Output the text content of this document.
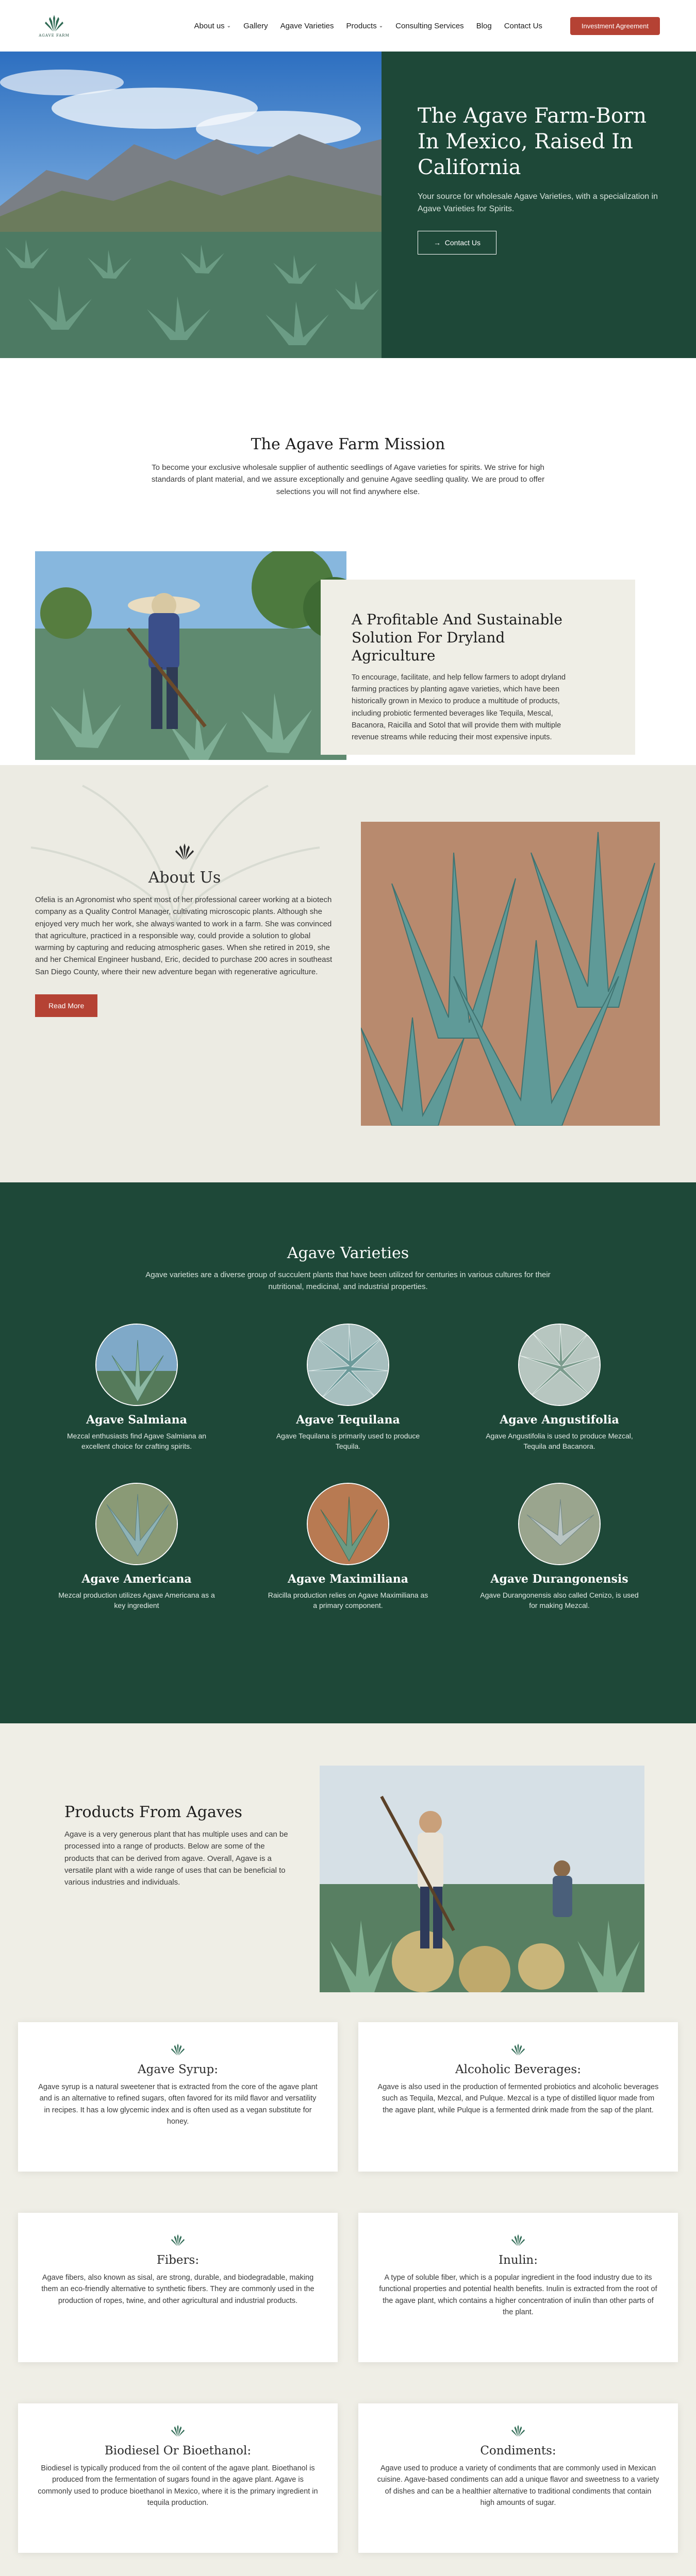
AGAVE FARM
About us ⌄ Gallery Agave Varieties Products ⌄ Consulting Services Blog Contact Us	Investment Agreement
The Agave Farm-Born In Mexico, Raised In California

Your source for wholesale Agave Varieties, with a specialization in Agave Varieties for Spirits.

→ Contact Us
The Agave Farm Mission

To become your exclusive wholesale supplier of authentic seedlings of Agave varieties for spirits. We strive for high standards of plant material, and we assure exceptionally and genuine Agave seedling quality. We are proud to offer selections you will not find anywhere else.

A Profitable And Sustainable Solution For Dryland Agriculture

To encourage, facilitate, and help fellow farmers to adopt dryland farming practices by planting agave varieties, which have been historically grown in Mexico to produce a multitude of products, including probiotic fermented beverages like Tequila, Mescal, Bacanora, Raicilla and Sotol that will provide them with multiple revenue streams while reducing their most expensive inputs.

About Us

Ofelia is an Agronomist who spent most of her professional career working at a biotech company as a Quality Control Manager, cultivating microscopic plants. Although she enjoyed very much her work, she always wanted to work in a farm. She was convinced that agriculture, practiced in a responsible way, could provide a solution to global warming by capturing and reducing atmospheric gases. When she retired in 2019, she and her Chemical Engineer husband, Eric, decided to purchase 200 acres in southeast San Diego County, where their new adventure began with regenerative agriculture.

Read More
Agave Varieties

Agave varieties are a diverse group of succulent plants that have been utilized for centuries in various cultures for their nutritional, medicinal, and industrial properties.

Agave Salmiana

Mezcal enthusiasts find Agave Salmiana an excellent choice for crafting spirits.

Agave Tequilana

Agave Tequilana is primarily used to produce Tequila.

Agave Angustifolia

Agave Angustifolia is used to produce Mezcal, Tequila and Bacanora.

Agave Americana

Mezcal production utilizes Agave Americana as a key ingredient

Agave Maximiliana

Raicilla production relies on Agave Maximiliana as a primary component.

Agave Durangonensis

Agave Durangonensis also called Cenizo, is used for making Mezcal.

Products From Agaves

Agave is a very generous plant that has multiple uses and can be processed into a range of products. Below are some of the products that can be derived from agave. Overall, Agave is a versatile plant with a wide range of uses that can be beneficial to various industries and individuals.

Agave Syrup:

Agave syrup is a natural sweetener that is extracted from the core of the agave plant and is an alternative to refined sugars, often favored for its mild flavor and versatility in recipes. It has a low glycemic index and is often used as a vegan substitute for honey.

Alcoholic Beverages:

Agave is also used in the production of fermented probiotics and alcoholic beverages such as Tequila, Mezcal, and Pulque. Mezcal is a type of distilled liquor made from the agave plant, while Pulque is a fermented drink made from the sap of the plant.

Fibers:

Agave fibers, also known as sisal, are strong, durable, and biodegradable, making them an eco-friendly alternative to synthetic fibers. They are commonly used in the production of ropes, twine, and other agricultural and industrial products.

Inulin:

A type of soluble fiber, which is a popular ingredient in the food industry due to its functional properties and potential health benefits. Inulin is extracted from the root of the agave plant, which contains a higher concentration of inulin than other parts of the plant.

Biodiesel Or Bioethanol:

Biodiesel is typically produced from the oil content of the agave plant. Bioethanol is produced from the fermentation of sugars found in the agave plant. Agave is commonly used to produce bioethanol in Mexico, where it is the primary ingredient in tequila production.

Condiments:

Agave used to produce a variety of condiments that are commonly used in Mexican cuisine. Agave-based condiments can add a unique flavor and sweetness to a variety of dishes and can be a healthier alternative to traditional condiments that contain high amounts of sugar.
